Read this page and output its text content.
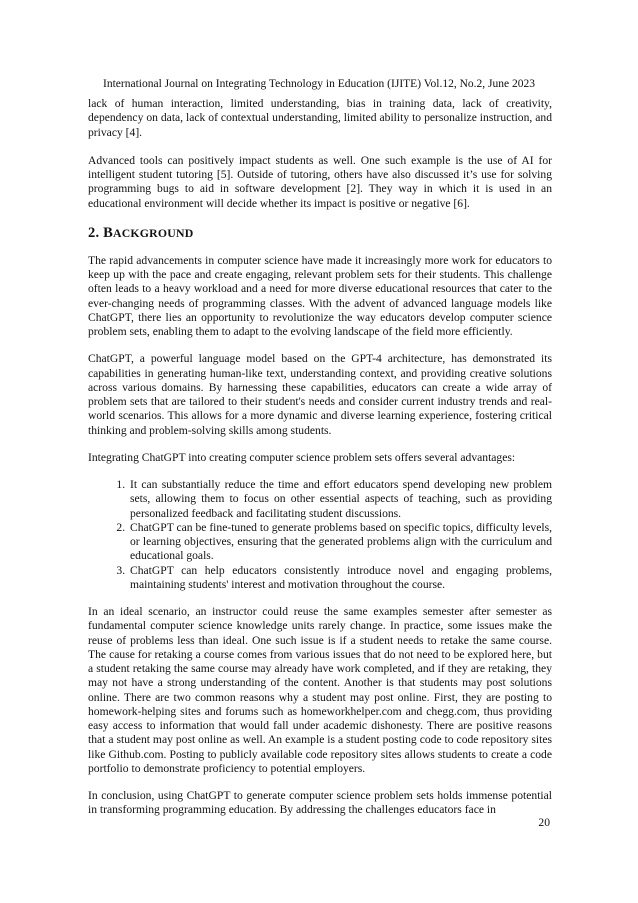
International Journal on Integrating Technology in Education (IJITE) Vol.12, No.2, June 2023

lack of human interaction, limited understanding, bias in training data, lack of creativity, dependency on data, lack of contextual understanding, limited ability to personalize instruction, and privacy [4].

Advanced tools can positively impact students as well. One such example is the use of AI for intelligent student tutoring [5]. Outside of tutoring, others have also discussed it’s use for solving programming bugs to aid in software development [2]. They way in which it is used in an educational environment will decide whether its impact is positive or negative [6].

2. BACKGROUND

The rapid advancements in computer science have made it increasingly more work for educators to keep up with the pace and create engaging, relevant problem sets for their students. This challenge often leads to a heavy workload and a need for more diverse educational resources that cater to the ever-changing needs of programming classes. With the advent of advanced language models like ChatGPT, there lies an opportunity to revolutionize the way educators develop computer science problem sets, enabling them to adapt to the evolving landscape of the field more efficiently.

ChatGPT, a powerful language model based on the GPT-4 architecture, has demonstrated its capabilities in generating human-like text, understanding context, and providing creative solutions across various domains. By harnessing these capabilities, educators can create a wide array of problem sets that are tailored to their student's needs and consider current industry trends and real-world scenarios. This allows for a more dynamic and diverse learning experience, fostering critical thinking and problem-solving skills among students.

Integrating ChatGPT into creating computer science problem sets offers several advantages:

1. It can substantially reduce the time and effort educators spend developing new problem sets, allowing them to focus on other essential aspects of teaching, such as providing personalized feedback and facilitating student discussions.
2. ChatGPT can be fine-tuned to generate problems based on specific topics, difficulty levels, or learning objectives, ensuring that the generated problems align with the curriculum and educational goals.
3. ChatGPT can help educators consistently introduce novel and engaging problems, maintaining students' interest and motivation throughout the course.

In an ideal scenario, an instructor could reuse the same examples semester after semester as fundamental computer science knowledge units rarely change. In practice, some issues make the reuse of problems less than ideal. One such issue is if a student needs to retake the same course. The cause for retaking a course comes from various issues that do not need to be explored here, but a student retaking the same course may already have work completed, and if they are retaking, they may not have a strong understanding of the content. Another is that students may post solutions online. There are two common reasons why a student may post online. First, they are posting to homework-helping sites and forums such as homeworkhelper.com and chegg.com, thus providing easy access to information that would fall under academic dishonesty. There are positive reasons that a student may post online as well. An example is a student posting code to code repository sites like Github.com. Posting to publicly available code repository sites allows students to create a code portfolio to demonstrate proficiency to potential employers.

In conclusion, using ChatGPT to generate computer science problem sets holds immense potential in transforming programming education. By addressing the challenges educators face in

20
